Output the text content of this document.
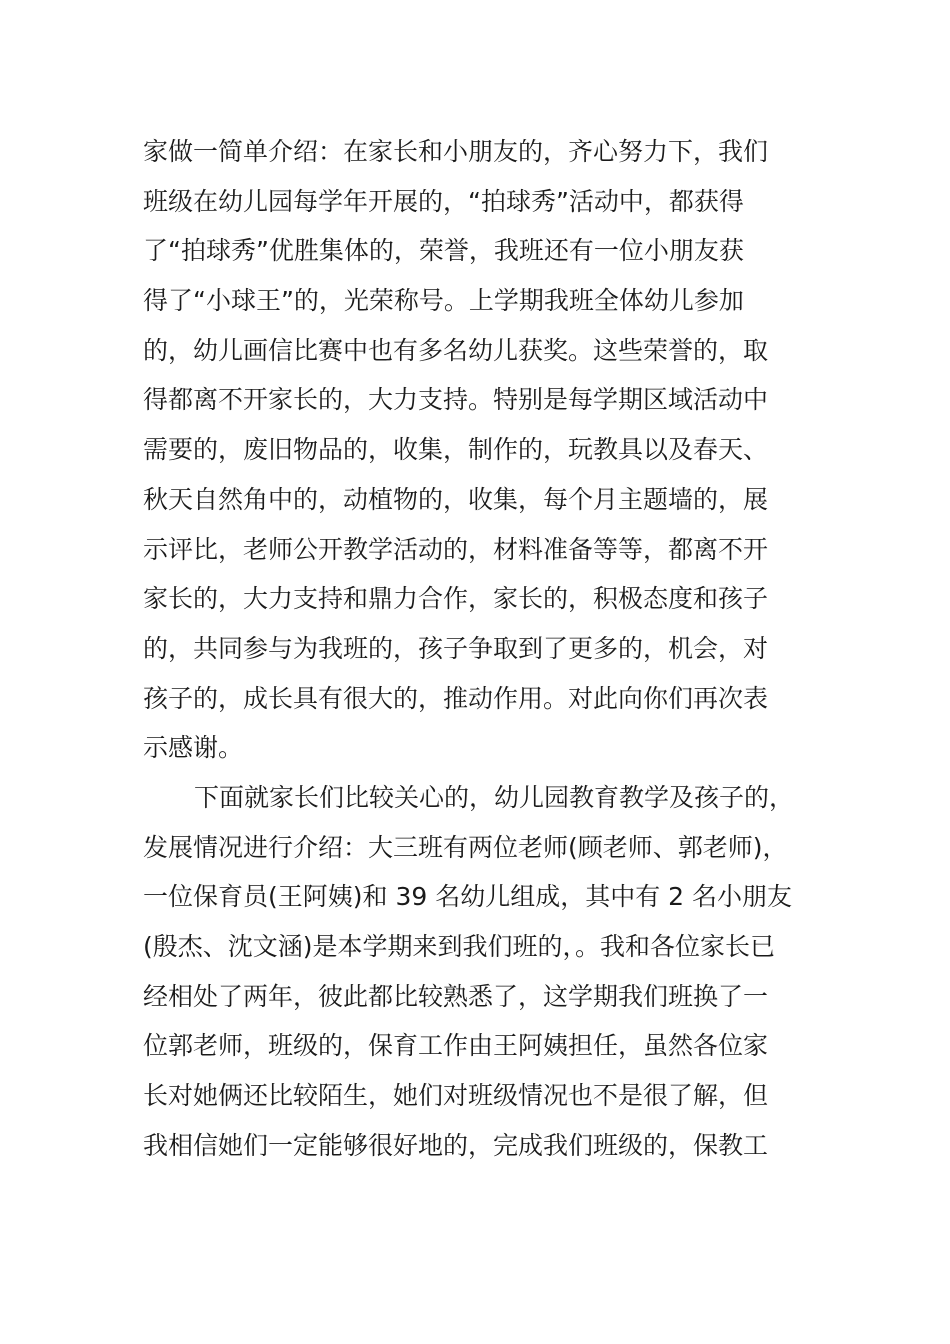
家做一简单介绍：在家长和小朋友的，齐心努力下，我们
班级在幼儿园每学年开展的，“拍球秀”活动中，都获得
了“拍球秀”优胜集体的，荣誉，我班还有一位小朋友获
得了“小球王”的，光荣称号。上学期我班全体幼儿参加
的，幼儿画信比赛中也有多名幼儿获奖。这些荣誉的，取
得都离不开家长的，大力支持。特别是每学期区域活动中
需要的，废旧物品的，收集，制作的，玩教具以及春天、
秋天自然角中的，动植物的，收集，每个月主题墙的，展
示评比，老师公开教学活动的，材料准备等等，都离不开
家长的，大力支持和鼎力合作，家长的，积极态度和孩子
的，共同参与为我班的，孩子争取到了更多的，机会，对
孩子的，成长具有很大的，推动作用。对此向你们再次表
示感谢。
下面就家长们比较关心的，幼儿园教育教学及孩子的，
发展情况进行介绍：大三班有两位老师(顾老师、郭老师)，
一位保育员(王阿姨)和 39 名幼儿组成，其中有 2 名小朋友
(殷杰、沈文涵)是本学期来到我们班的，。我和各位家长已
经相处了两年，彼此都比较熟悉了，这学期我们班换了一
位郭老师，班级的，保育工作由王阿姨担任，虽然各位家
长对她俩还比较陌生，她们对班级情况也不是很了解，但
我相信她们一定能够很好地的，完成我们班级的，保教工
